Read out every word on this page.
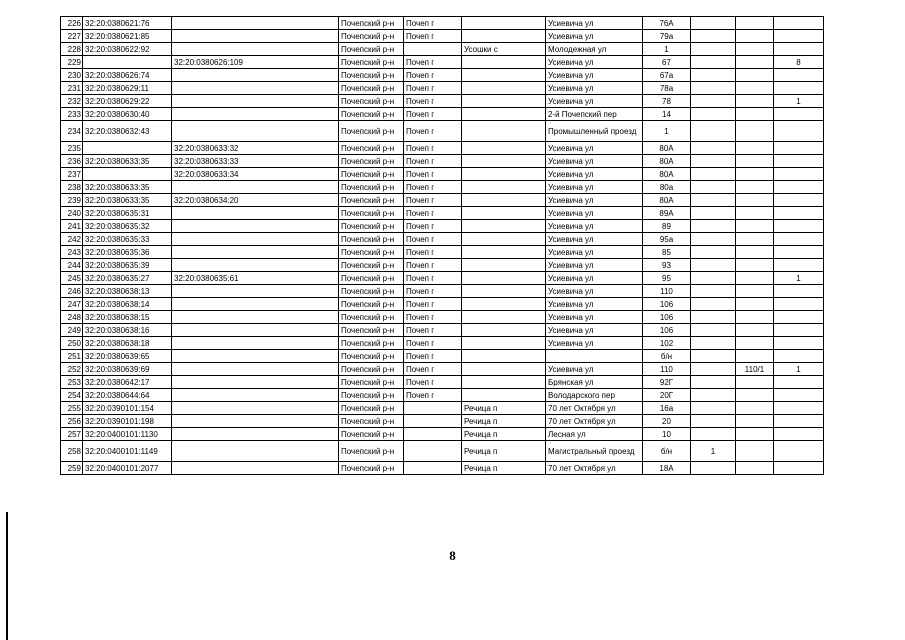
226	32:20:0380621:76		Почепский р-н	Почеп г		Усиевича ул	76А			
227	32:20:0380621:85		Почепский р-н	Почеп г		Усиевича ул	79а			
228	32:20:0380622:92		Почепский р-н		Усошки с	Молодежная ул	1			
229		32:20:0380626:109	Почепский р-н	Почеп г		Усиевича ул	67			8
230	32:20:0380626:74		Почепский р-н	Почеп г		Усиевича ул	67а			
231	32:20:0380629:11		Почепский р-н	Почеп г		Усиевича ул	78а			
232	32:20:0380629:22		Почепский р-н	Почеп г		Усиевича ул	78			1
233	32:20:0380630:40		Почепский р-н	Почеп г		2-й Почепский пер	14			
234	32:20:0380632:43		Почепский р-н	Почеп г		Промышленный проезд	1			
235		32:20:0380633:32	Почепский р-н	Почеп г		Усиевича ул	80А			
236	32:20:0380633:35	32:20:0380633:33	Почепский р-н	Почеп г		Усиевича ул	80А			
237		32:20:0380633:34	Почепский р-н	Почеп г		Усиевича ул	80А			
238	32:20:0380633:35		Почепский р-н	Почеп г		Усиевича ул	80а			
239	32:20:0380633:35	32:20:0380634:20	Почепский р-н	Почеп г		Усиевича ул	80А			
240	32:20:0380635:31		Почепский р-н	Почеп г		Усиевича ул	89А			
241	32:20:0380635:32		Почепский р-н	Почеп г		Усиевича ул	89			
242	32:20:0380635:33		Почепский р-н	Почеп г		Усиевича ул	95а			
243	32:20:0380635:36		Почепский р-н	Почеп г		Усиевича ул	85			
244	32:20:0380635:39		Почепский р-н	Почеп г		Усиевича ул	93			
245	32:20:0380635:27	32:20:0380635:61	Почепский р-н	Почеп г		Усиевича ул	95			1
246	32:20:0380638:13		Почепский р-н	Почеп г		Усиевича ул	110			
247	32:20:0380638:14		Почепский р-н	Почеп г		Усиевича ул	106			
248	32:20:0380638:15		Почепский р-н	Почеп г		Усиевича ул	106			
249	32:20:0380638:16		Почепский р-н	Почеп г		Усиевича ул	106			
250	32:20:0380638:18		Почепский р-н	Почеп г		Усиевича ул	102			
251	32:20:0380639:65		Почепский р-н	Почеп г			б/н			
252	32:20:0380639:69		Почепский р-н	Почеп г		Усиевича ул	110		110/1	1
253	32:20:0380642:17		Почепский р-н	Почеп г		Брянская ул	92Г			
254	32:20:0380644:64		Почепский р-н	Почеп г		Володарского пер	20Г			
255	32:20:0390101:154		Почепский р-н		Речица п	70 лет Октября ул	16а			
256	32:20:0390101:198		Почепский р-н		Речица п	70 лет Октября ул	20			
257	32:20:0400101:1130		Почепский р-н		Речица п	Лесная ул	10			
258	32:20:0400101:1149		Почепский р-н		Речица п	Магистральный проезд	б/н	1		
259	32:20:0400101:2077		Почепский р-н		Речица п	70 лет Октября ул	18А			
8
